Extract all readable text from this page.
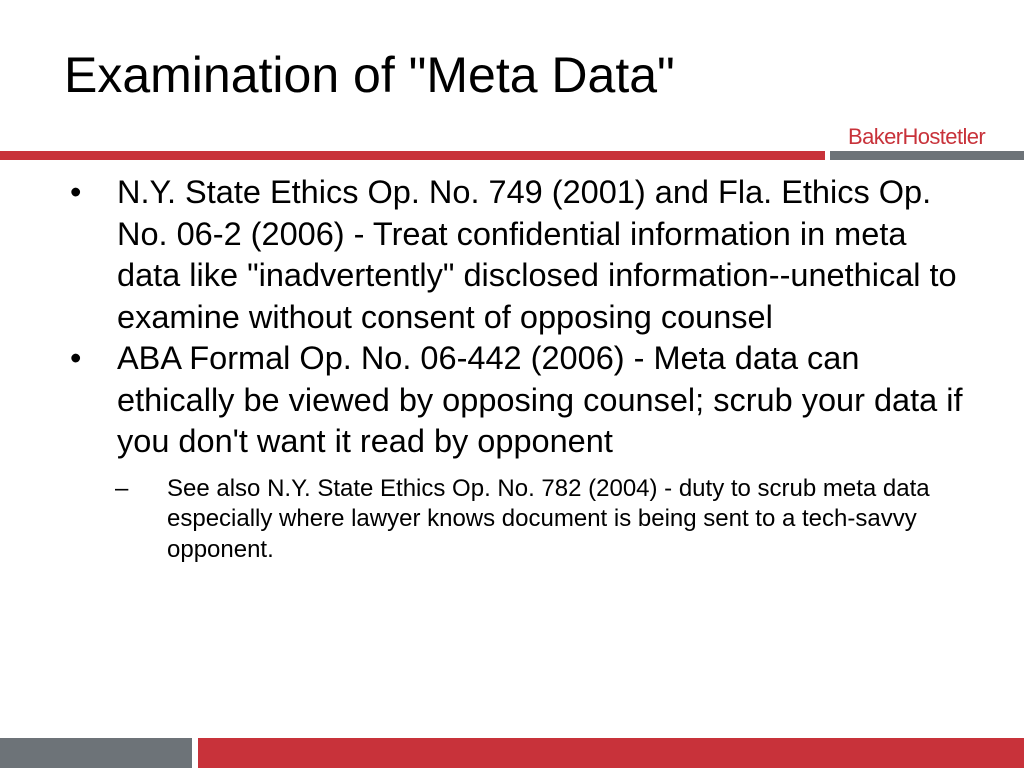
Examination of "Meta Data"
BakerHostetler
• N.Y. State Ethics Op. No. 749 (2001) and Fla. Ethics Op. No. 06-2 (2006) - Treat confidential information in meta data like "inadvertently" disclosed information--unethical to examine without consent of opposing counsel
• ABA Formal Op. No. 06-442 (2006) - Meta data can ethically be viewed by opposing counsel; scrub your data if you don't want it read by opponent
– See also N.Y. State Ethics Op. No. 782 (2004) - duty to scrub meta data especially where lawyer knows document is being sent to a tech-savvy opponent.
